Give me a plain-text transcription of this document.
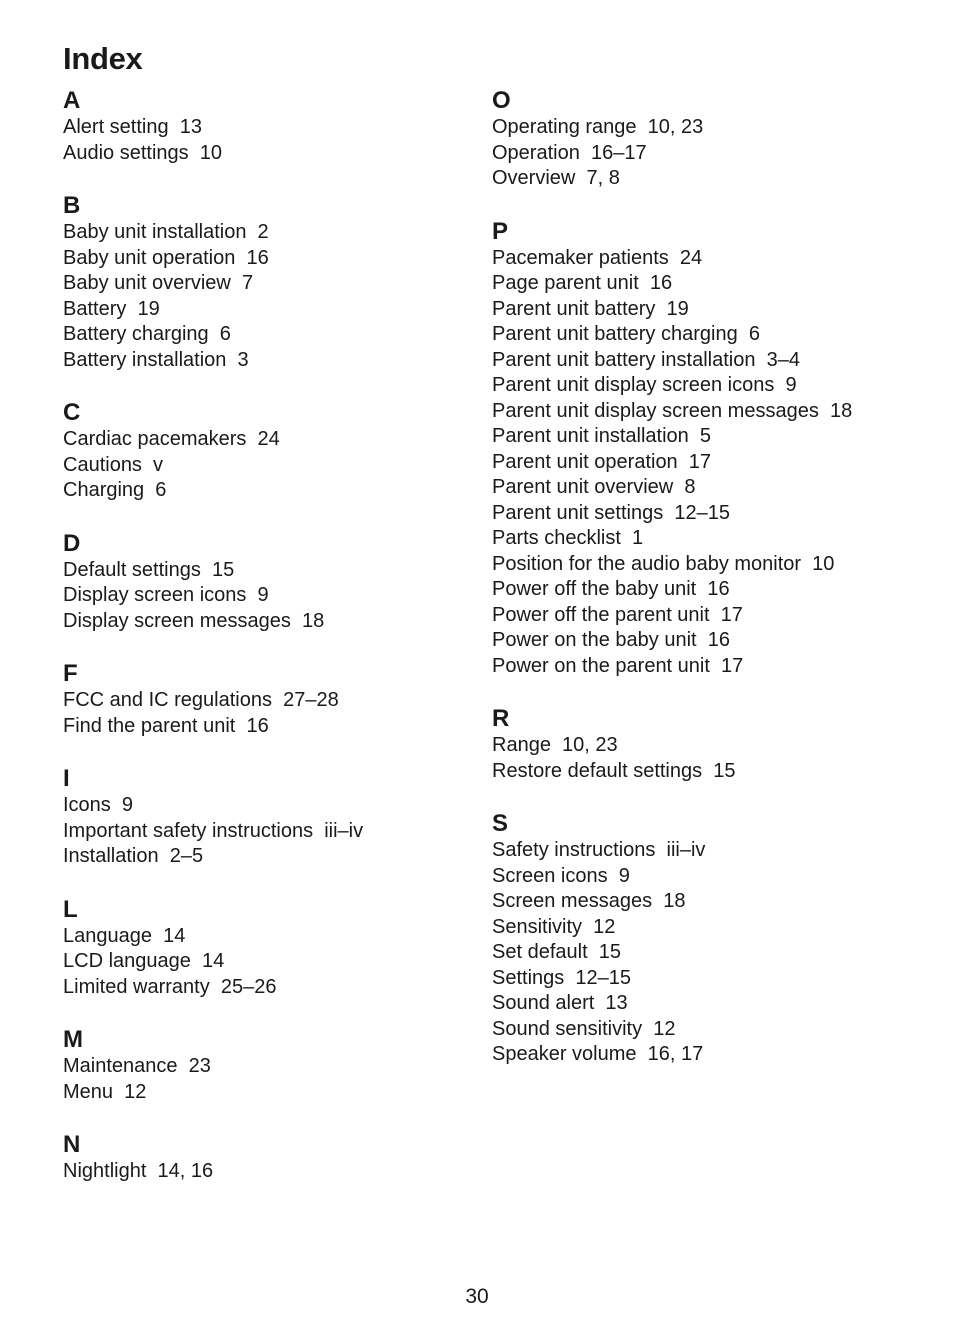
Index
A
Alert setting  13
Audio settings  10
B
Baby unit installation  2
Baby unit operation  16
Baby unit overview  7
Battery  19
Battery charging  6
Battery installation  3
C
Cardiac pacemakers  24
Cautions  v
Charging  6
D
Default settings  15
Display screen icons  9
Display screen messages  18
F
FCC and IC regulations  27–28
Find the parent unit  16
I
Icons  9
Important safety instructions  iii–iv
Installation  2–5
L
Language  14
LCD language  14
Limited warranty  25–26
M
Maintenance  23
Menu  12
N
Nightlight  14, 16
O
Operating range  10, 23
Operation  16–17
Overview  7, 8
P
Pacemaker patients  24
Page parent unit  16
Parent unit battery  19
Parent unit battery charging  6
Parent unit battery installation  3–4
Parent unit display screen icons  9
Parent unit display screen messages  18
Parent unit installation  5
Parent unit operation  17
Parent unit overview  8
Parent unit settings  12–15
Parts checklist  1
Position for the audio baby monitor  10
Power off the baby unit  16
Power off the parent unit  17
Power on the baby unit  16
Power on the parent unit  17
R
Range  10, 23
Restore default settings  15
S
Safety instructions  iii–iv
Screen icons  9
Screen messages  18
Sensitivity  12
Set default  15
Settings  12–15
Sound alert  13
Sound sensitivity  12
Speaker volume  16, 17
30
